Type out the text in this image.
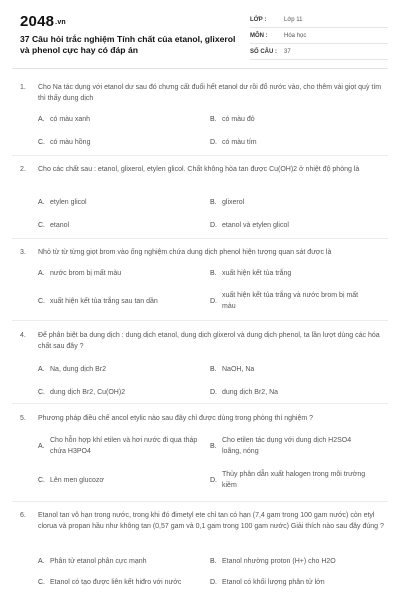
2048.vn
37 Câu hỏi trắc nghiệm Tính chất của etanol, glixerol và phenol cực hay có đáp án
LỚP :	Lớp 11
MÔN :	Hóa học
SỐ CÂU :	37
1.	Cho Na tác dụng với etanol dư sau đó chưng cất đuổi hết etanol dư rồi đổ nước vào, cho thêm vài giọt quỳ tím thì thấy dung dịch
A. có màu xanh	B. có màu đỏ
C. có màu hồng	D. có màu tím
2.	Cho các chất sau : etanol, glixerol, etylen glicol. Chất không hòa tan được Cu(OH)2 ở nhiệt độ phòng là
A. etylen glicol	B. glixerol
C. etanol	D. etanol và etylen glicol
3.	Nhỏ từ từ từng giọt brom vào ống nghiệm chứa dung dịch phenol hiện tượng quan sát được là
A. nước brom bị mất màu	B. xuất hiện kết tủa trắng
C. xuất hiện kết tủa trắng sau tan dần	D.
xuất hiện kết tủa trắng và nước brom bị mất màu
4.	Để phân biệt ba dung dịch : dung dịch etanol, dung dịch glixerol và dung dịch phenol, ta lần lượt dùng các hóa chất sau đây ?
A. Na, dung dịch Br2	B. NaOH, Na
C. dung dịch Br2, Cu(OH)2	D. dung dịch Br2, Na
5.	Phương pháp điều chế ancol etylic nào sau đây chỉ được dùng trong phòng thí nghiệm ?
A.
Cho hỗn hợp khí etilen và hơi nước đi qua tháp chứa H3PO4
B.
Cho etilen tác dụng với dung dịch H2SO4 loãng, nóng
C. Lên men glucozơ	D.
Thủy phân dẫn xuất halogen trong môi trường kiềm
6.	Etanol tan vô hạn trong nước, trong khi đó đimetyl ete chỉ tan có hạn (7,4 gam trong 100 gam nước) còn etyl clorua và propan hầu như không tan (0,57 gam và 0,1 gam trong 100 gam nước) Giải thích nào sau đây đúng ?
A. Phân tử etanol phân cực mạnh	B. Etanol nhường proton (H+) cho H2O
C. Etanol có tạo được liên kết hiđro với nước	D. Etanol có khối lượng phân tử lớn
